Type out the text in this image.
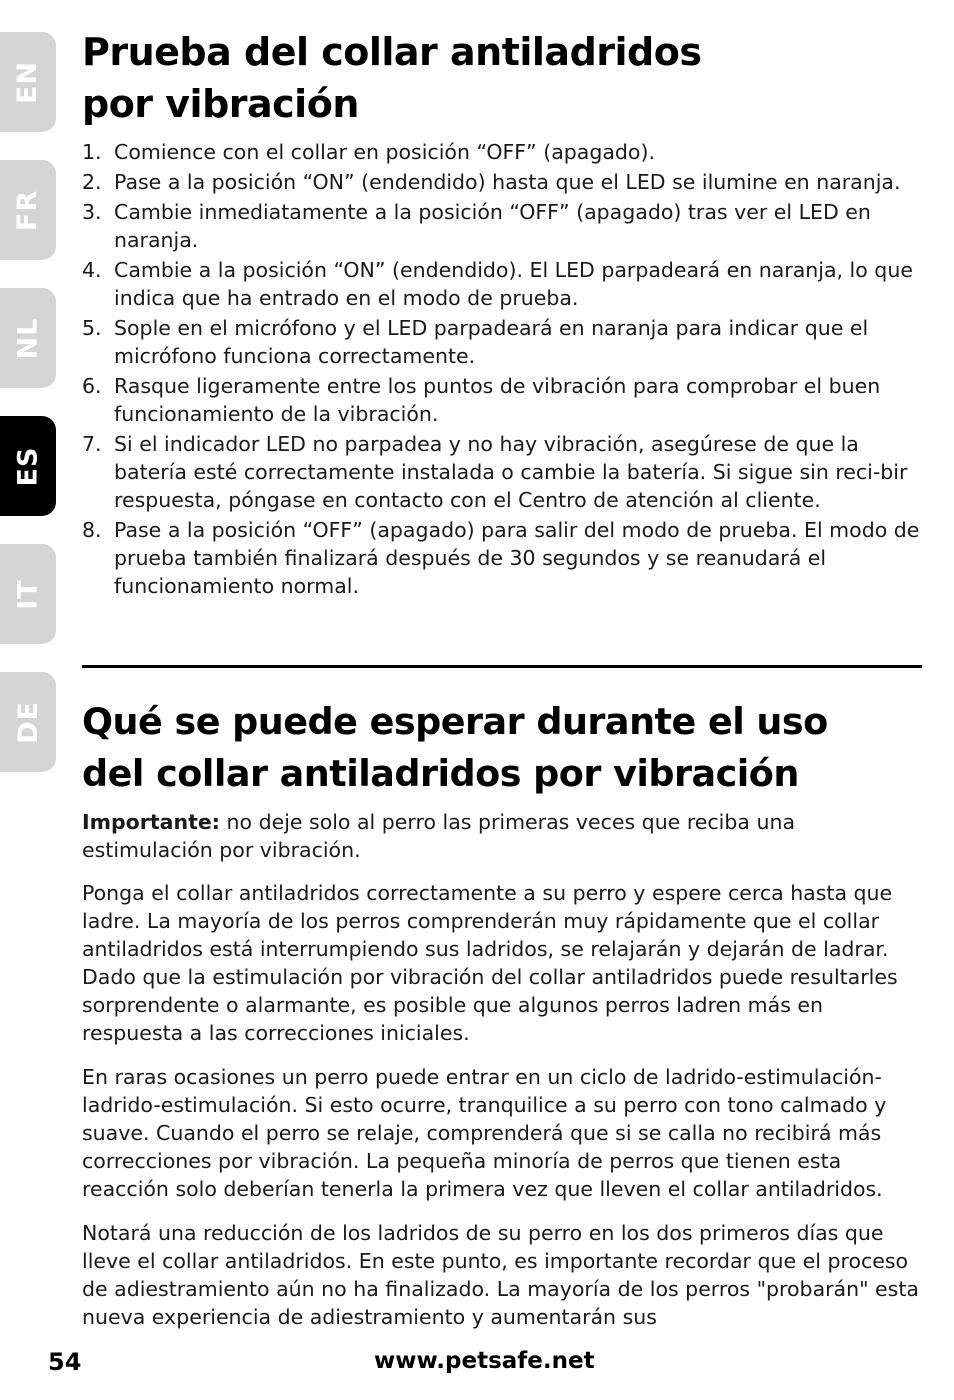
EN
FR
NL
ES
IT
DE
Prueba del collar antiladridos
por vibración
1. Comience con el collar en posición “OFF” (apagado).
2. Pase a la posición “ON” (endendido) hasta que el LED se ilumine en naranja.
3. Cambie inmediatamente a la posición “OFF” (apagado) tras ver el LED en naranja.
4. Cambie a la posición “ON” (endendido). El LED parpadeará en naranja, lo que indica que ha entrado en el modo de prueba.
5. Sople en el micrófono y el LED parpadeará en naranja para indicar que el micrófono funciona correctamente.
6. Rasque ligeramente entre los puntos de vibración para comprobar el buen funcionamiento de la vibración.
7. Si el indicador LED no parpadea y no hay vibración, asegúrese de que la batería esté correctamente instalada o cambie la batería. Si sigue sin reci-bir respuesta, póngase en contacto con el Centro de atención al cliente.
8. Pase a la posición “OFF” (apagado) para salir del modo de prueba. El modo de prueba también finalizará después de 30 segundos y se reanudará el funcionamiento normal.
Qué se puede esperar durante el uso
del collar antiladridos por vibración

Importante: no deje solo al perro las primeras veces que reciba una estimulación por vibración.

Ponga el collar antiladridos correctamente a su perro y espere cerca hasta que ladre. La mayoría de los perros comprenderán muy rápidamente que el collar antiladridos está interrumpiendo sus ladridos, se relajarán y dejarán de ladrar. Dado que la estimulación por vibración del collar antiladridos puede resultarles sorprendente o alarmante, es posible que algunos perros ladren más en respuesta a las correcciones iniciales.

En raras ocasiones un perro puede entrar en un ciclo de ladrido-estimulación-ladrido-estimulación. Si esto ocurre, tranquilice a su perro con tono calmado y suave. Cuando el perro se relaje, comprenderá que si se calla no recibirá más correcciones por vibración. La pequeña minoría de perros que tienen esta reacción solo deberían tenerla la primera vez que lleven el collar antiladridos.

Notará una reducción de los ladridos de su perro en los dos primeros días que lleve el collar antiladridos. En este punto, es importante recordar que el proceso de adiestramiento aún no ha finalizado. La mayoría de los perros "probarán" esta nueva experiencia de adiestramiento y aumentarán sus

54	www.petsafe.net
